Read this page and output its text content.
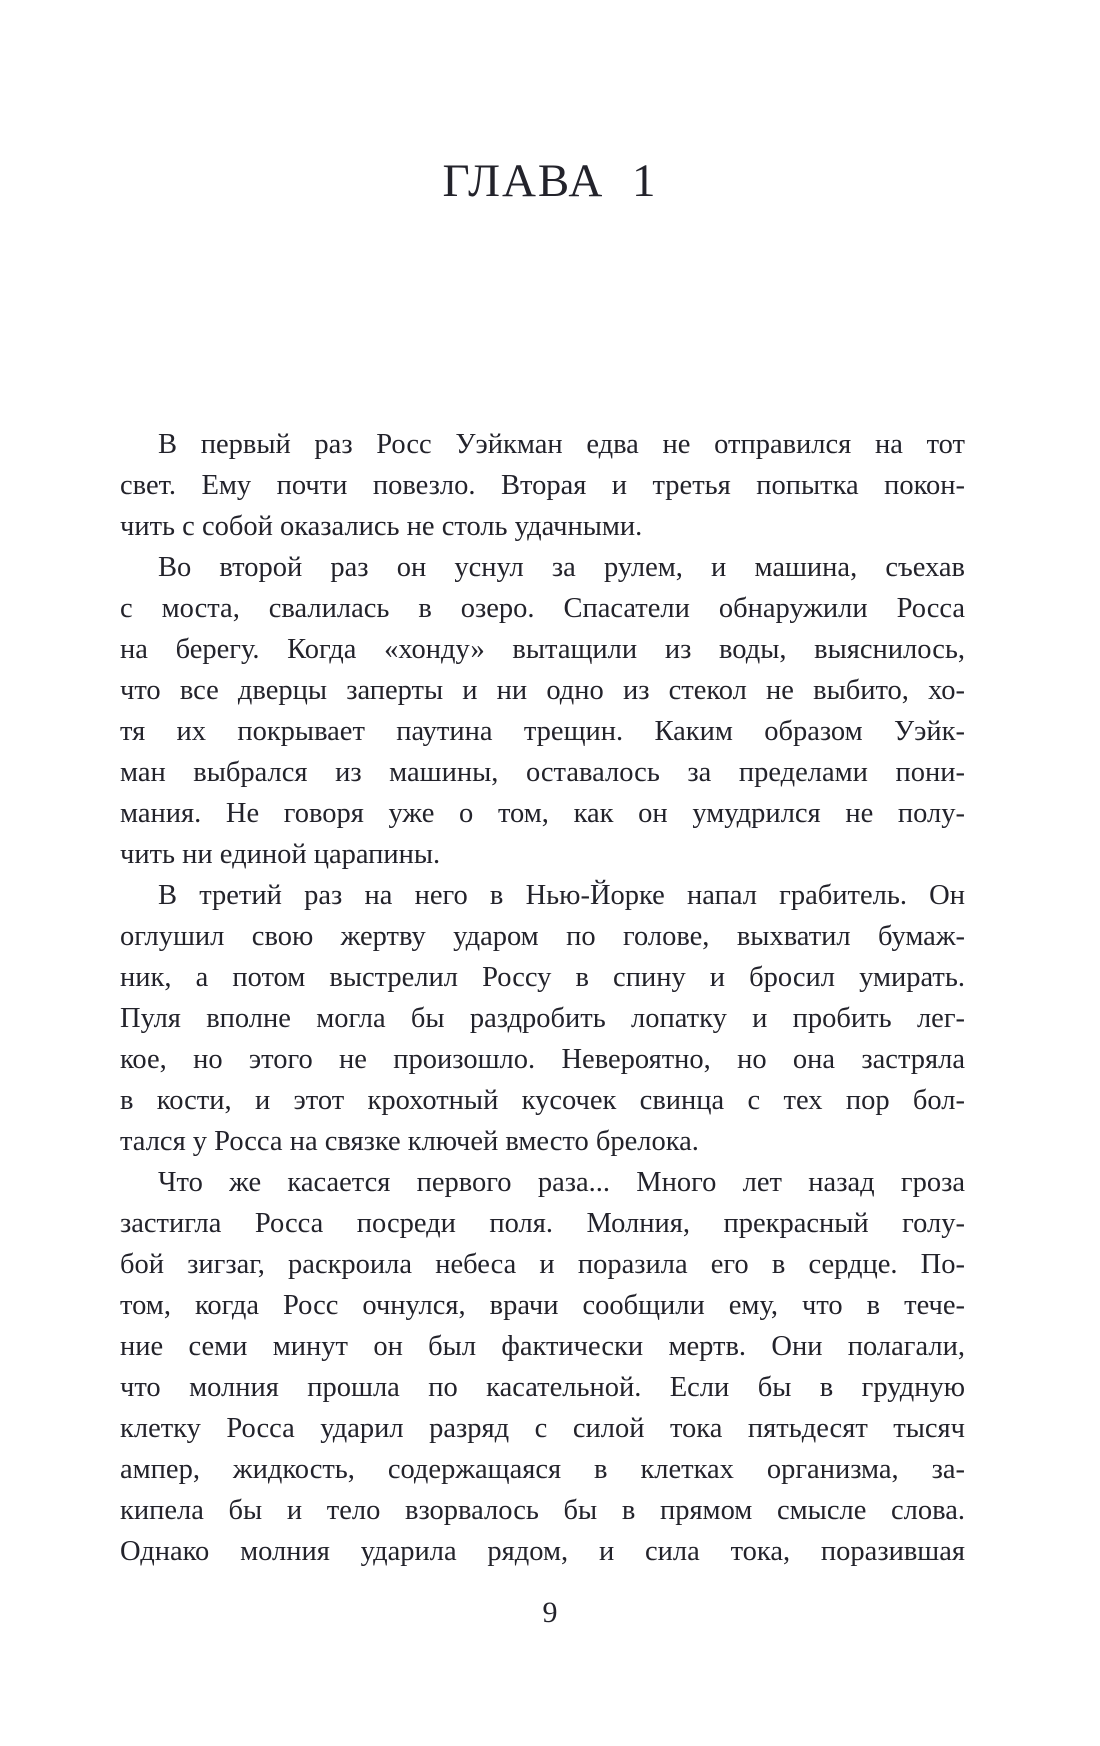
ГЛАВА 1
В первый раз Росс Уэйкман едва не отправился на тот
свет. Ему почти повезло. Вторая и третья попытка покон-
чить с собой оказались не столь удачными.
Во второй раз он уснул за рулем, и машина, съехав
с моста, свалилась в озеро. Спасатели обнаружили Росса
на берегу. Когда «хонду» вытащили из воды, выяснилось,
что все дверцы заперты и ни одно из стекол не выбито, хо-
тя их покрывает паутина трещин. Каким образом Уэйк-
ман выбрался из машины, оставалось за пределами пони-
мания. Не говоря уже о том, как он умудрился не полу-
чить ни единой царапины.
В третий раз на него в Нью-Йорке напал грабитель. Он
оглушил свою жертву ударом по голове, выхватил бумаж-
ник, а потом выстрелил Россу в спину и бросил умирать.
Пуля вполне могла бы раздробить лопатку и пробить лег-
кое, но этого не произошло. Невероятно, но она застряла
в кости, и этот крохотный кусочек свинца с тех пор бол-
тался у Росса на связке ключей вместо брелока.
Что же касается первого раза... Много лет назад гроза
застигла Росса посреди поля. Молния, прекрасный голу-
бой зигзаг, раскроила небеса и поразила его в сердце. По-
том, когда Росс очнулся, врачи сообщили ему, что в тече-
ние семи минут он был фактически мертв. Они полагали,
что молния прошла по касательной. Если бы в грудную
клетку Росса ударил разряд с силой тока пятьдесят тысяч
ампер, жидкость, содержащаяся в клетках организма, за-
кипела бы и тело взорвалось бы в прямом смысле слова.
Однако молния ударила рядом, и сила тока, поразившая
9
